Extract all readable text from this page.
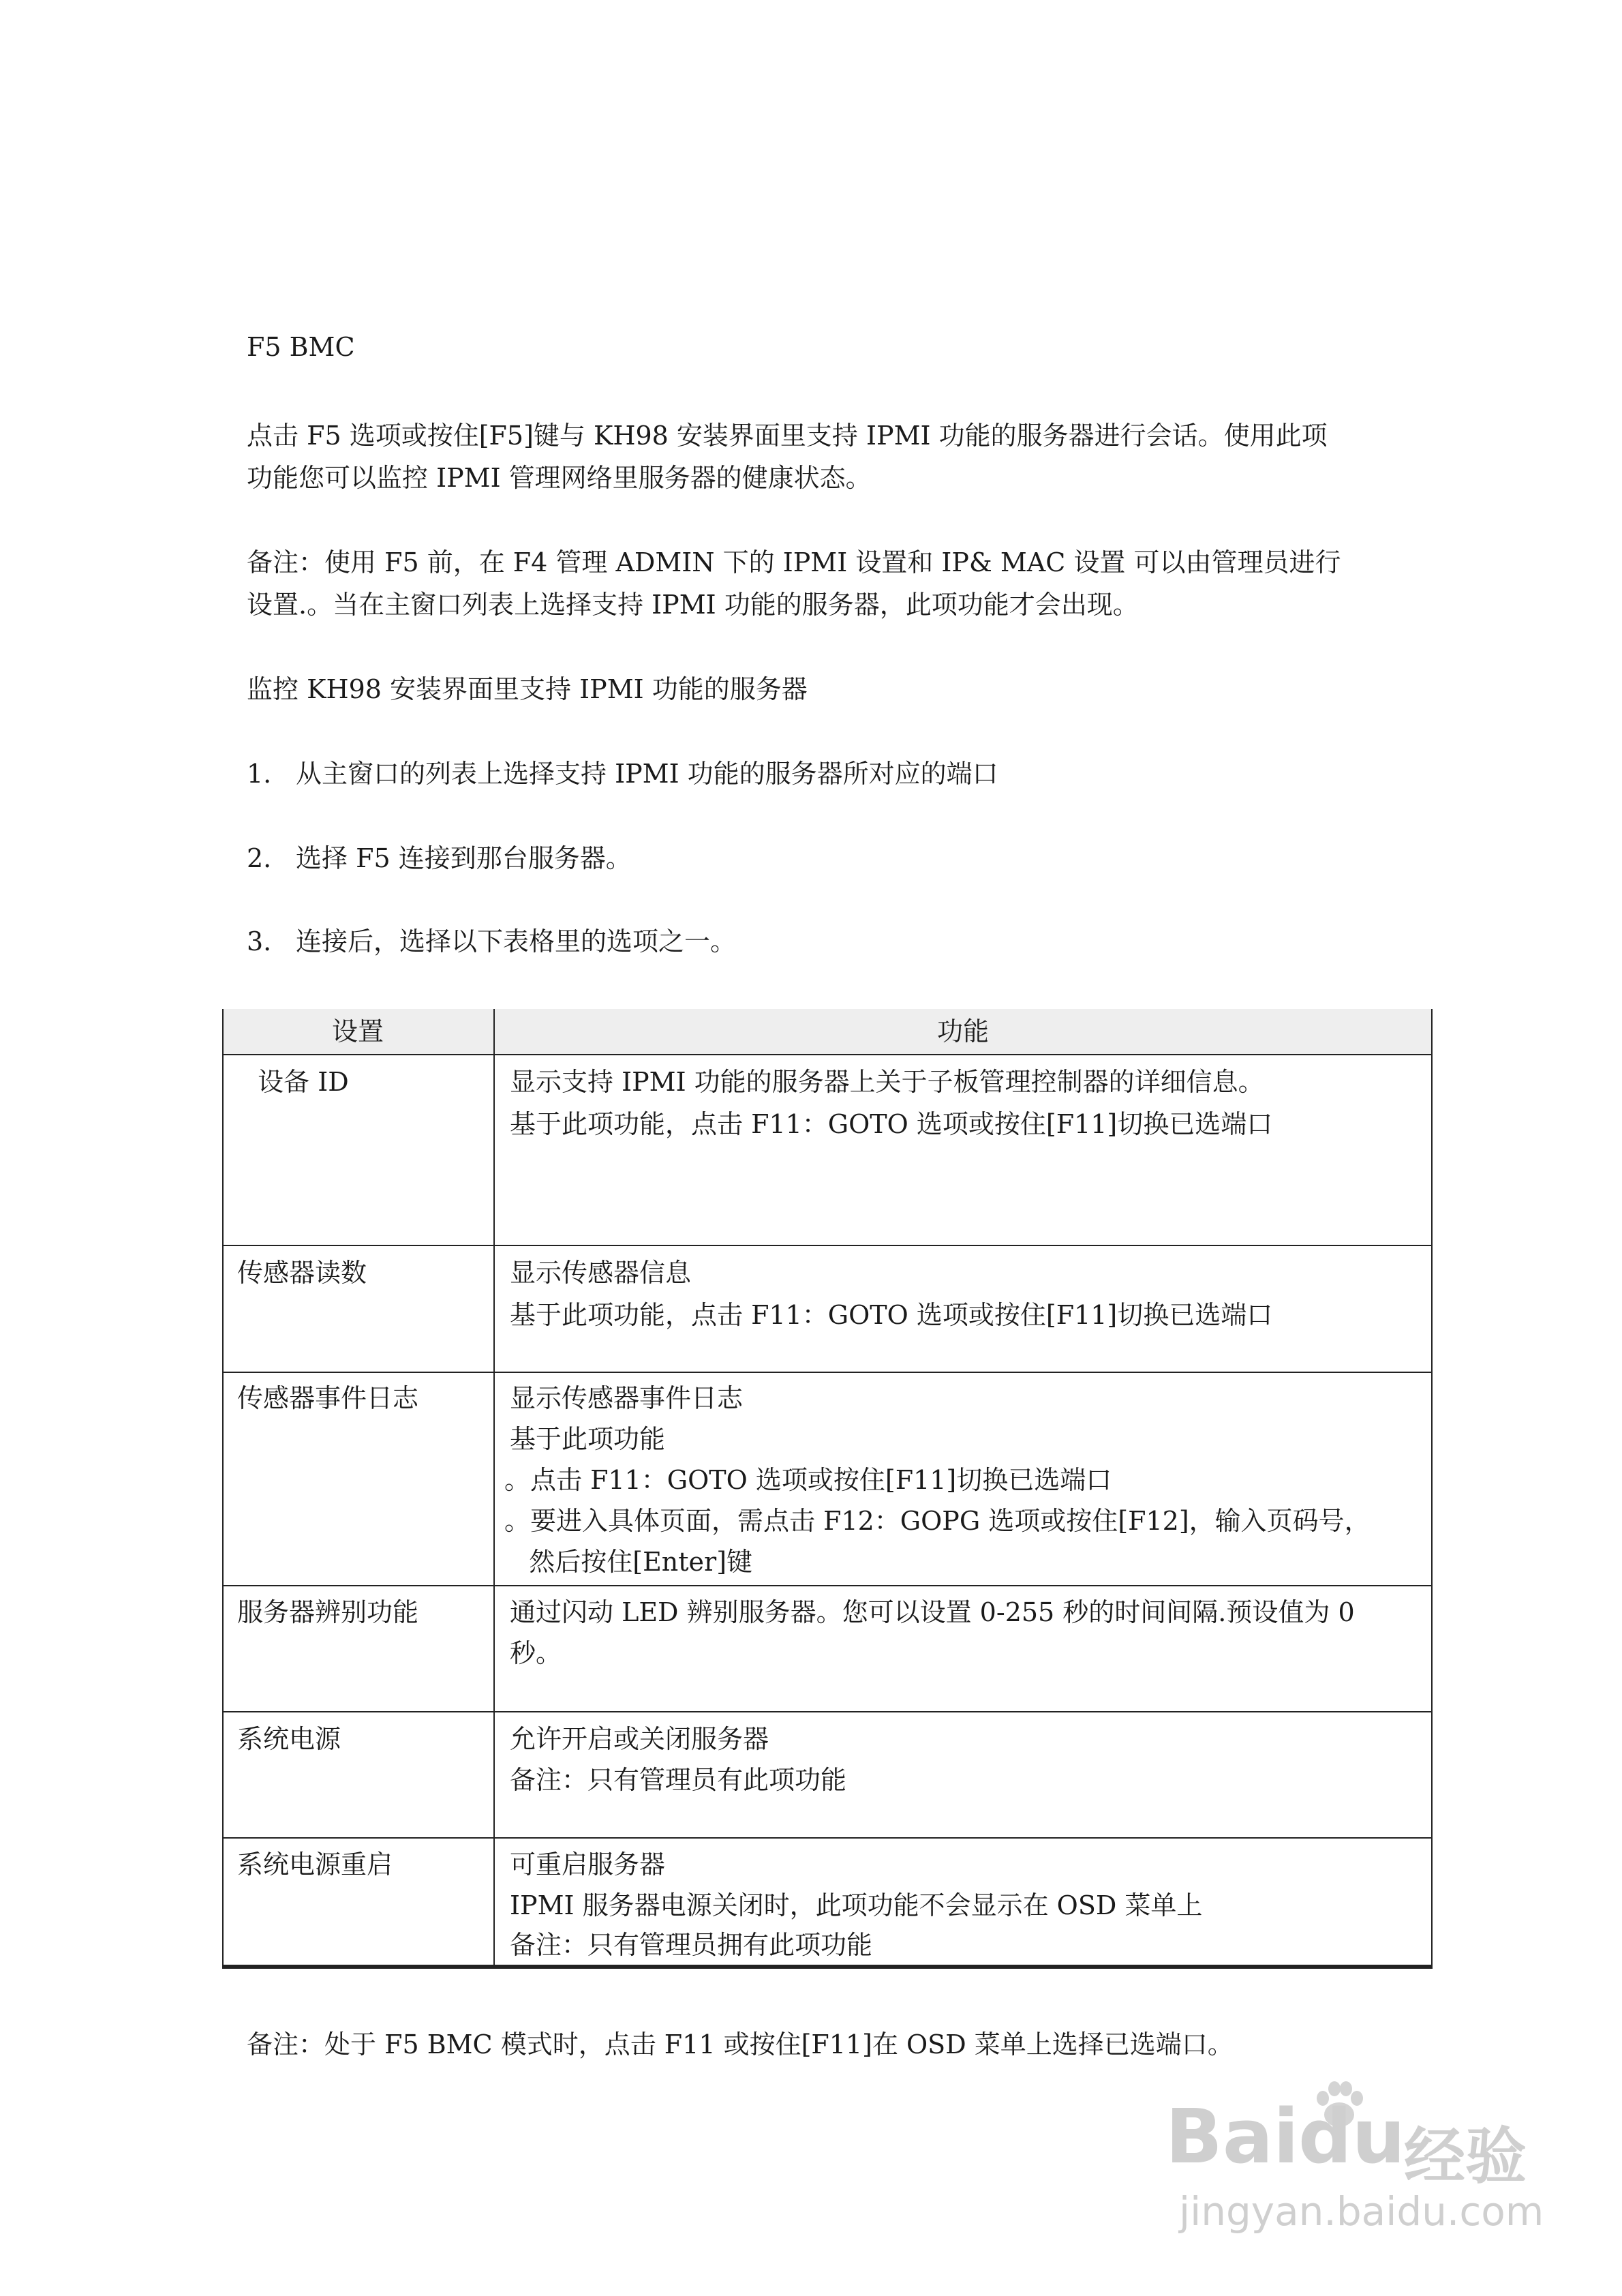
F5 BMC

点击 F5 选项或按住[F5]键与 KH98 安装界面里支持 IPMI 功能的服务器进行会话。使用此项

功能您可以监控 IPMI 管理网络里服务器的健康状态。

备注：使用 F5 前，在 F4 管理 ADMIN 下的 IPMI 设置和 IP& MAC 设置 可以由管理员进行

设置.。当在主窗口列表上选择支持 IPMI 功能的服务器，此项功能才会出现。

监控 KH98 安装界面里支持 IPMI 功能的服务器

1. 从主窗口的列表上选择支持 IPMI 功能的服务器所对应的端口

2. 选择 F5 连接到那台服务器。

3. 连接后，选择以下表格里的选项之一。

设置	功能
设备 ID	显示支持 IPMI 功能的服务器上关于子板管理控制器的详细信息。
基于此项功能，点击 F11：GOTO 选项或按住[F11]切换已选端口
传感器读数	显示传感器信息
基于此项功能，点击 F11：GOTO 选项或按住[F11]切换已选端口
传感器事件日志	显示传感器事件日志
基于此项功能
。点击 F11：GOTO 选项或按住[F11]切换已选端口
。要进入具体页面，需点击 F12：GOPG 选项或按住[F12]，输入页码号，
然后按住[Enter]键
服务器辨别功能	通过闪动 LED 辨别服务器。您可以设置 0-255 秒的时间间隔.预设值为 0
秒。
系统电源	允许开启或关闭服务器
备注：只有管理员有此项功能
系统电源重启	可重启服务器
IPMI 服务器电源关闭时，此项功能不会显示在 OSD 菜单上
备注：只有管理员拥有此项功能

备注：处于 F5 BMC 模式时，点击 F11 或按住[F11]在 OSD 菜单上选择已选端口。

Bai du
经验
jingyan.baidu.com
